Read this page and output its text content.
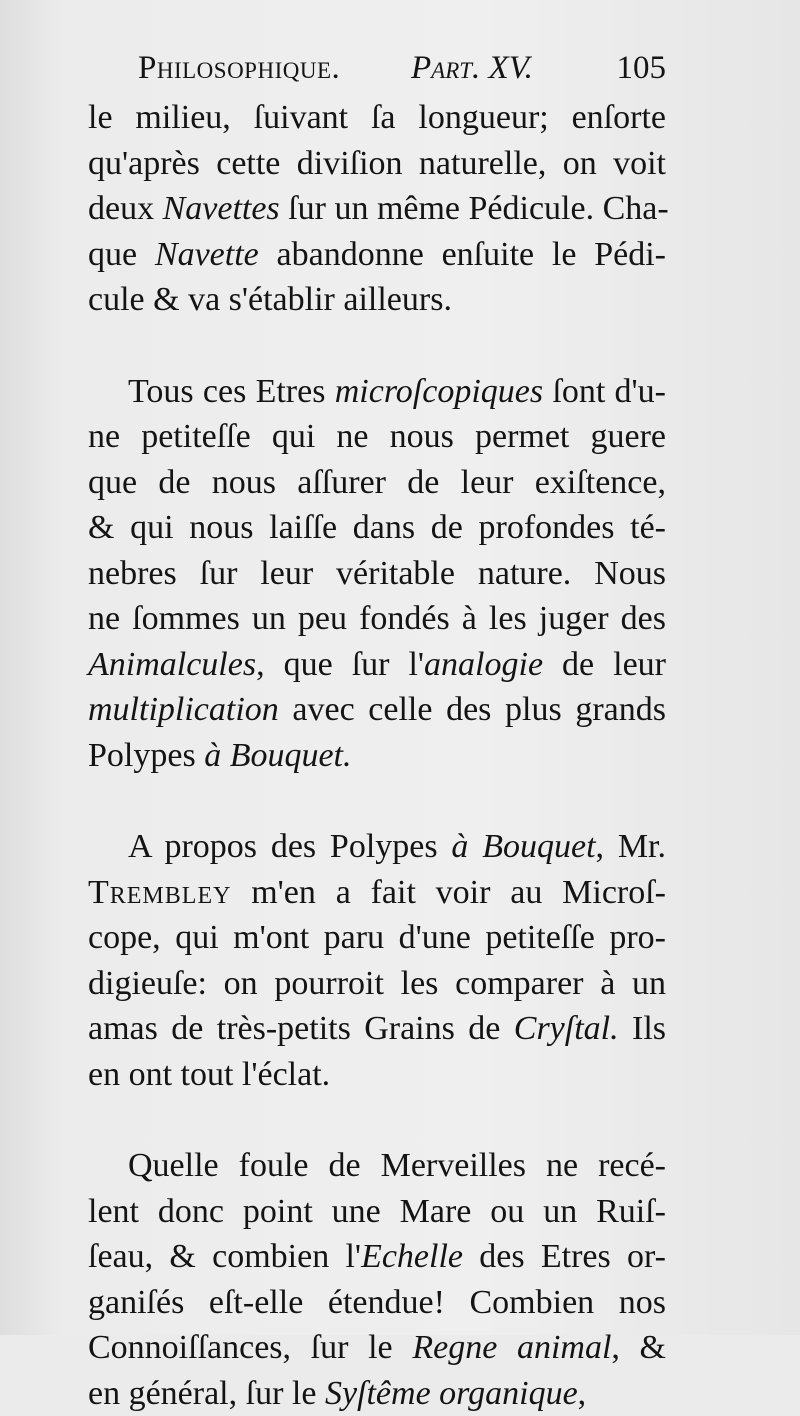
Philosophique. Part. XV.	105
le milieu, ſuivant ſa longueur; enſorte
qu'après cette diviſion naturelle, on voit
deux Navettes ſur un même Pédicule. Cha-
que Navette abandonne enſuite le Pédi-
cule & va s'établir ailleurs.
Tous ces Etres microſcopiques ſont d'u-
ne petiteſſe qui ne nous permet guere
que de nous aſſurer de leur exiſtence,
& qui nous laiſſe dans de profondes té-
nebres ſur leur véritable nature. Nous
ne ſommes un peu fondés à les juger des
Animalcules, que ſur l'analogie de leur
multiplication avec celle des plus grands
Polypes à Bouquet.
A propos des Polypes à Bouquet, Mr.
Trembley m'en a fait voir au Microſ-
cope, qui m'ont paru d'une petiteſſe pro-
digieuſe: on pourroit les comparer à un
amas de très-petits Grains de Cryſtal. Ils
en ont tout l'éclat.
Quelle foule de Merveilles ne recé-
lent donc point une Mare ou un Ruiſ-
ſeau, & combien l'Echelle des Etres or-
ganiſés eſt-elle étendue! Combien nos
Connoiſſances, ſur le Regne animal, &
en général, ſur le Syſtême organique,
